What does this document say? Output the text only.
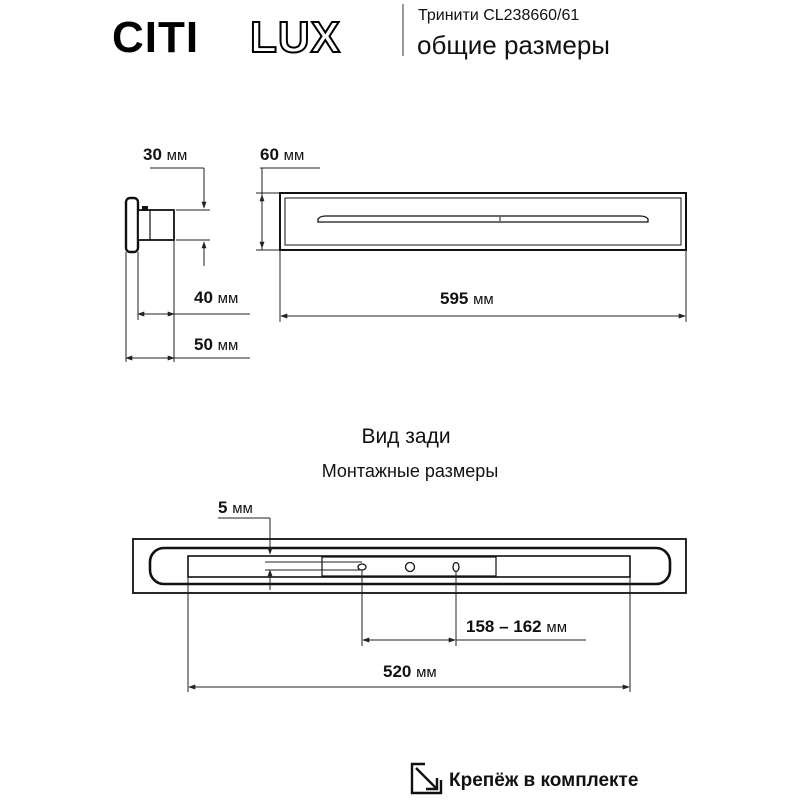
CITI LUX	Тринити CL238660/61
общие размеры
30 мм
40 мм
50 мм
60 мм
595 мм
Вид зади
Монтажные размеры
5 мм
158 – 162 мм
520 мм
Крепёж в комплекте
